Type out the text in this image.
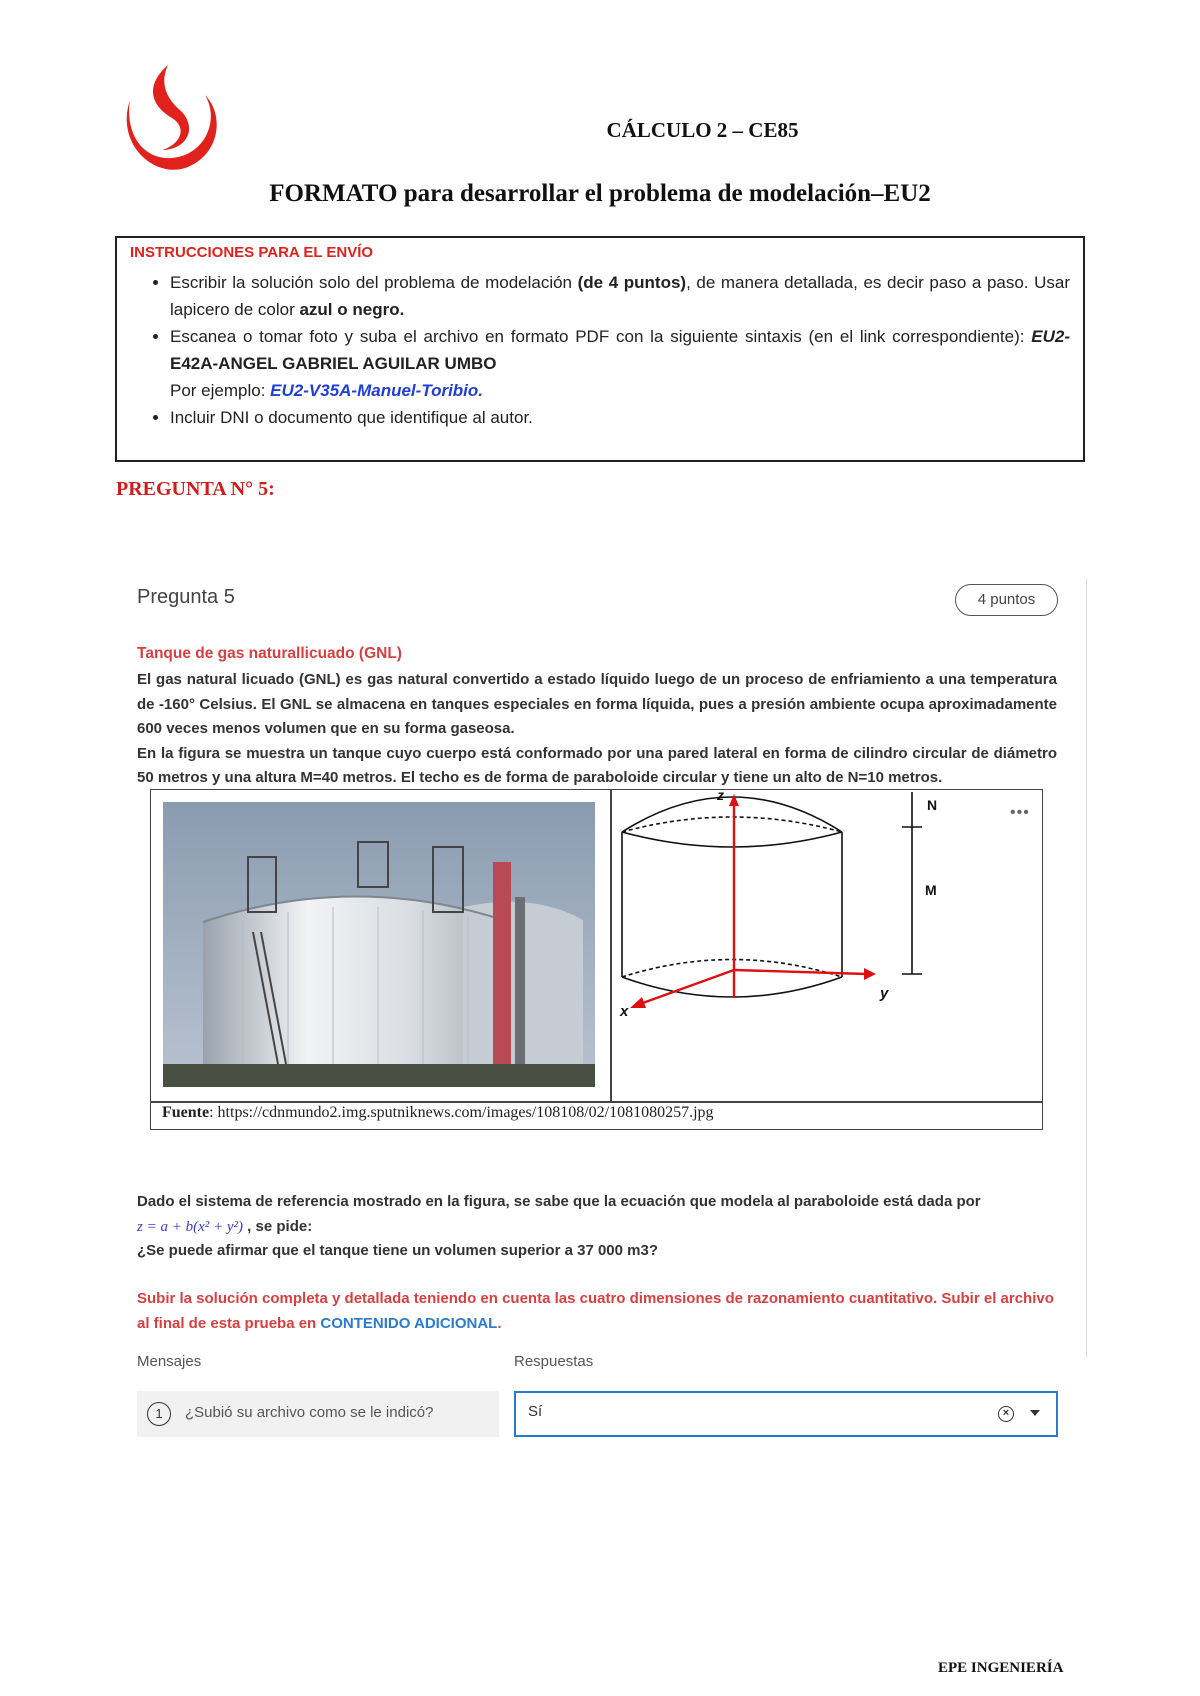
CÁLCULO 2 – CE85
FORMATO para desarrollar el problema de modelación–EU2
INSTRUCCIONES PARA EL ENVÍO
• Escribir la solución solo del problema de modelación (de 4 puntos), de manera detallada, es decir paso a paso. Usar lapicero de color azul o negro.
• Escanea o tomar foto y suba el archivo en formato PDF con la siguiente sintaxis (en el link correspondiente): EU2- E42A-ANGEL GABRIEL AGUILAR UMBO
Por ejemplo: EU2-V35A-Manuel-Toribio.
• Incluir DNI o documento que identifique al autor.
PREGUNTA N° 5:
Pregunta 5	4 puntos
Tanque de gas naturallicuado (GNL)

El gas natural licuado (GNL) es gas natural convertido a estado líquido luego de un proceso de enfriamiento a una temperatura de -160° Celsius. El GNL se almacena en tanques especiales en forma líquida, pues a presión ambiente ocupa aproximadamente 600 veces menos volumen que en su forma gaseosa.

En la figura se muestra un tanque cuyo cuerpo está conformado por una pared lateral en forma de cilindro circular de diámetro 50 metros y una altura M=40 metros. El techo es de forma de paraboloide circular y tiene un alto de N=10 metros.

z
x
y
N
M
•••
Fuente: https://cdnmundo2.img.sputniknews.com/images/108108/02/1081080257.jpg

Dado el sistema de referencia mostrado en la figura, se sabe que la ecuación que modela al paraboloide está dada por

z = a + b(x² + y²) , se pide:

¿Se puede afirmar que el tanque tiene un volumen superior a 37 000 m3?

Subir la solución completa y detallada teniendo en cuenta las cuatro dimensiones de razonamiento cuantitativo. Subir el archivo al final de esta prueba en CONTENIDO ADICIONAL.
Mensajes	Respuestas
1	¿Subió su archivo como se le indicó?	Sí	×
EPE INGENIERÍA
